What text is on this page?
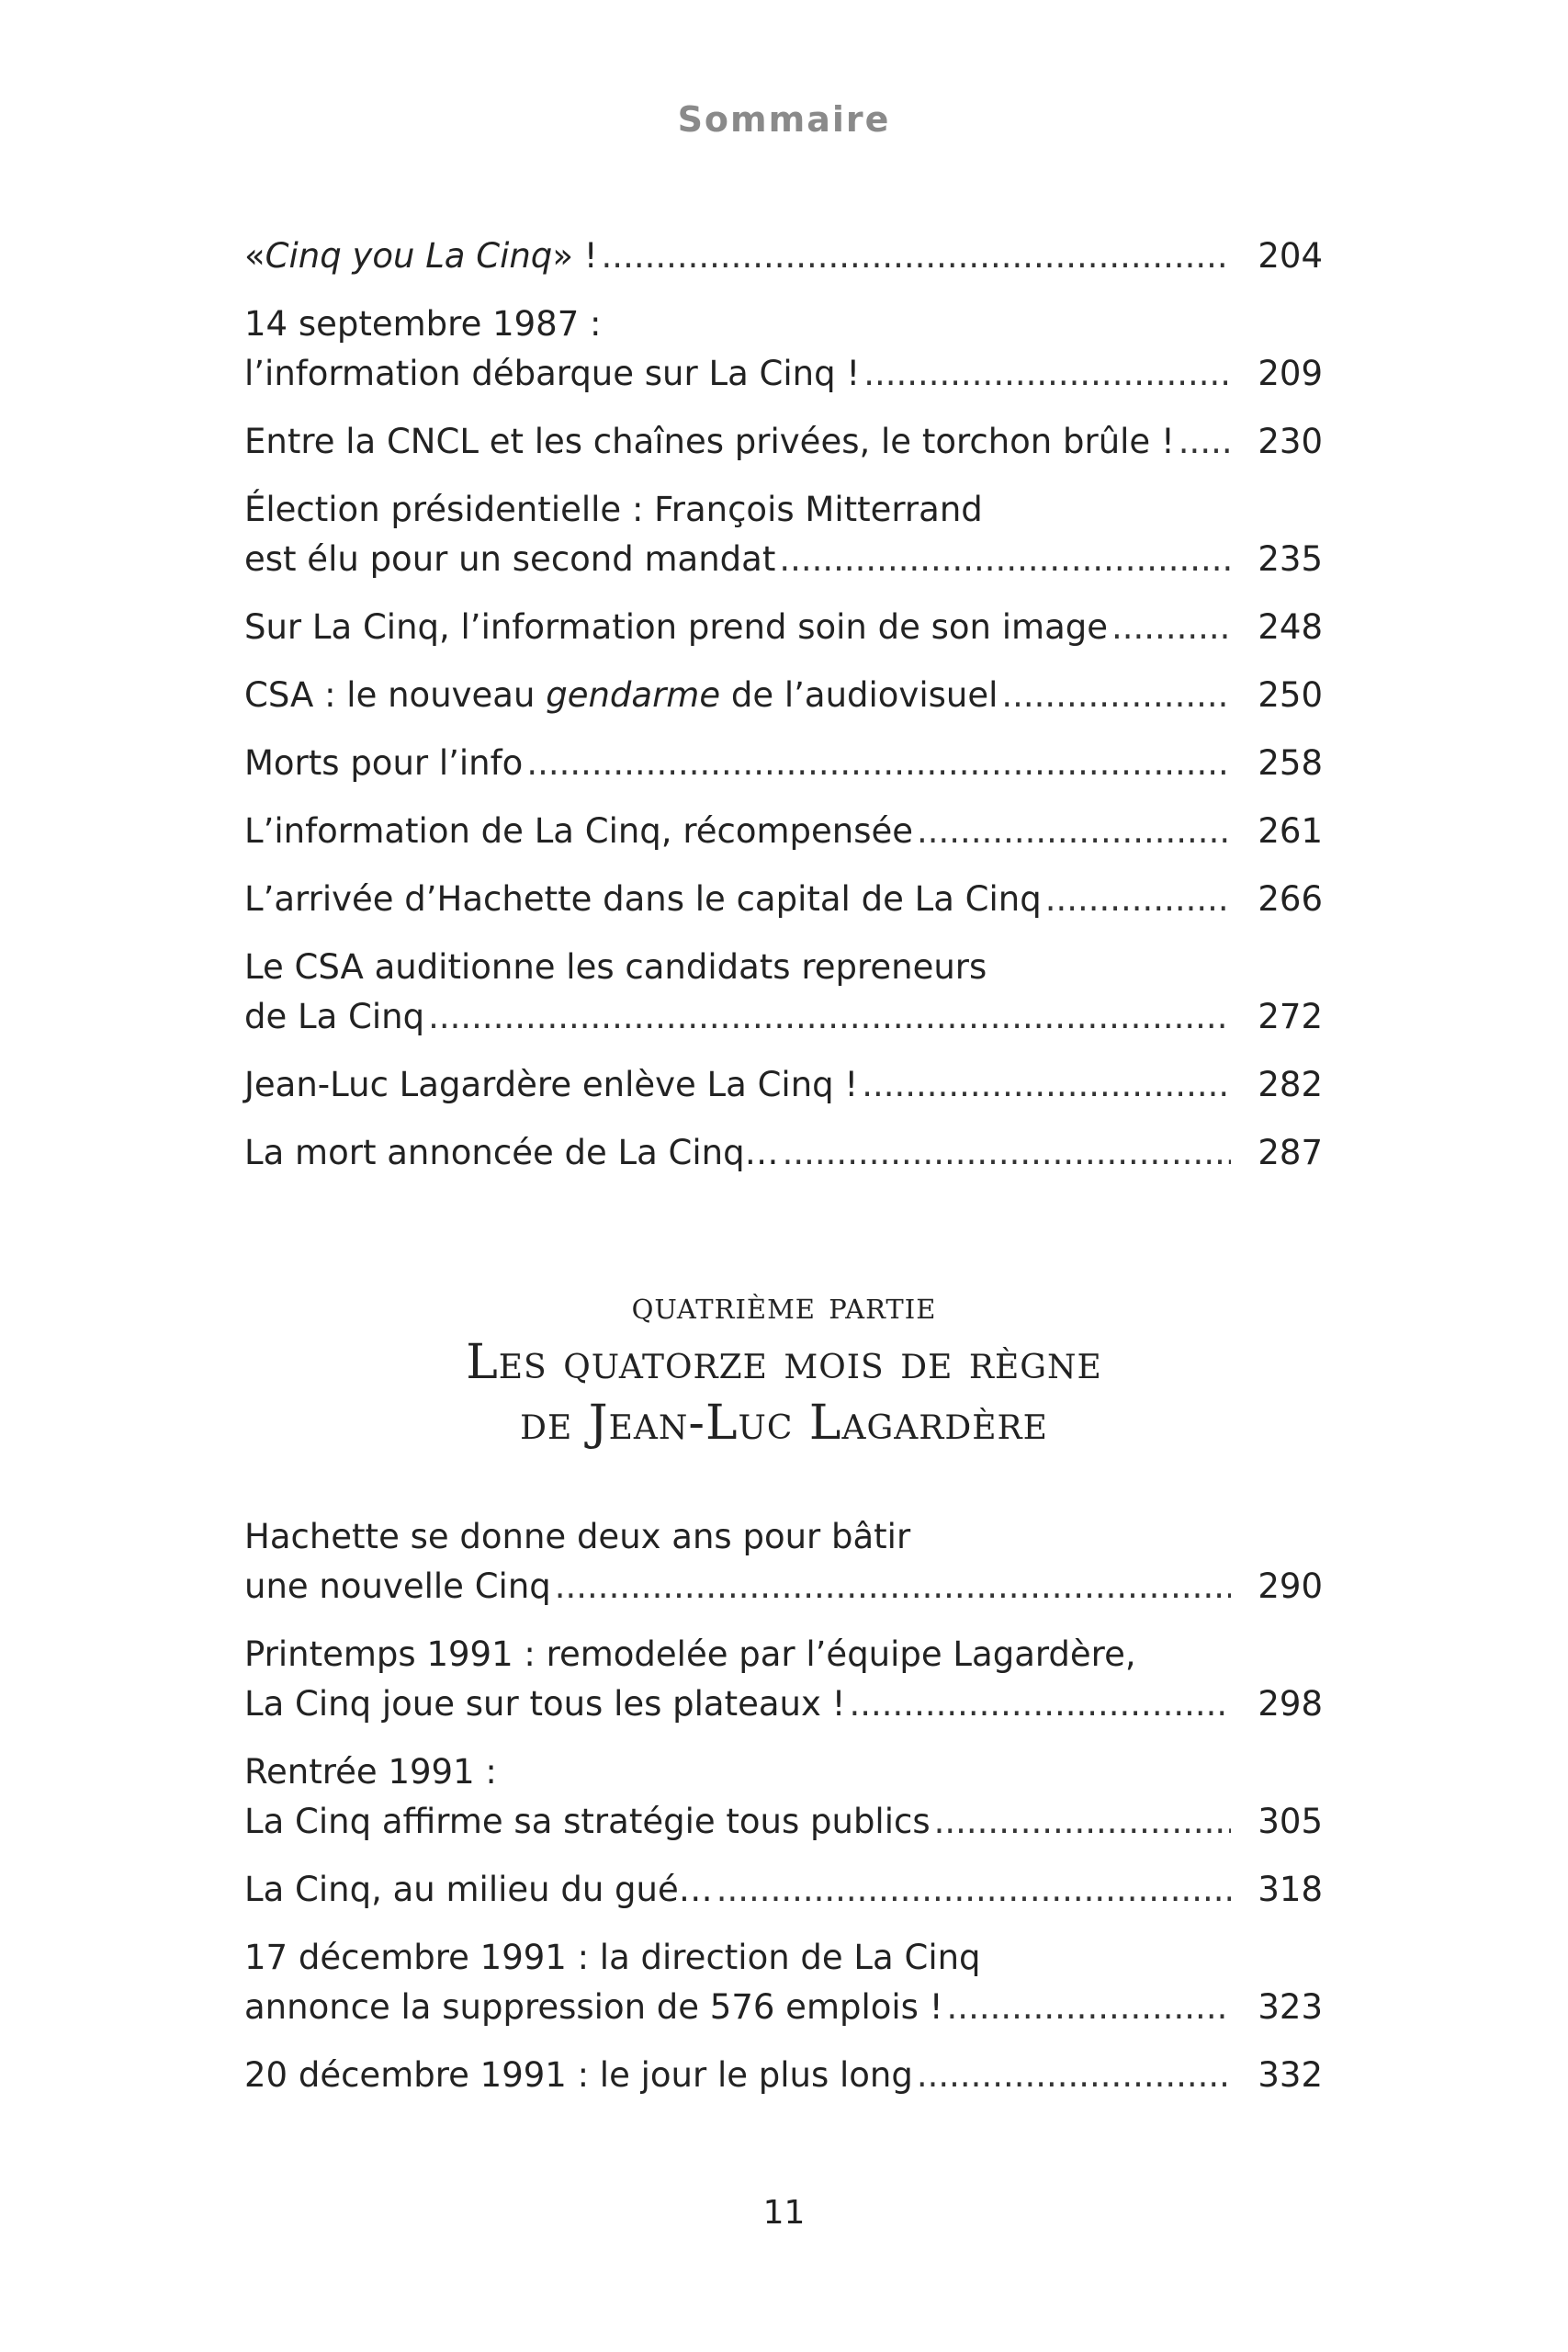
Sommaire
«Cinq you La Cinq» ! .....	204
14 septembre 1987 :
l’information débarque sur La Cinq ! .....	209
Entre la CNCL et les chaînes privées, le torchon brûle ! .....	230
Élection présidentielle : François Mitterrand
est élu pour un second mandat .....	235
Sur La Cinq, l’information prend soin de son image .....	248
CSA : le nouveau gendarme de l’audiovisuel .....	250
Morts pour l’info .....	258
L’information de La Cinq, récompensée .....	261
L’arrivée d’Hachette dans le capital de La Cinq .....	266
Le CSA auditionne les candidats repreneurs
de La Cinq .....	272
Jean-Luc Lagardère enlève La Cinq ! .....	282
La mort annoncée de La Cinq… .....	287
quatrième partie
Les quatorze mois de règne
de Jean-Luc Lagardère
Hachette se donne deux ans pour bâtir
une nouvelle Cinq .....	290
Printemps 1991 : remodelée par l’équipe Lagardère,
La Cinq joue sur tous les plateaux ! .....	298
Rentrée 1991 :
La Cinq affirme sa stratégie tous publics .....	305
La Cinq, au milieu du gué… .....	318
17 décembre 1991 : la direction de La Cinq
annonce la suppression de 576 emplois ! .....	323
20 décembre 1991 : le jour le plus long .....	332
11
